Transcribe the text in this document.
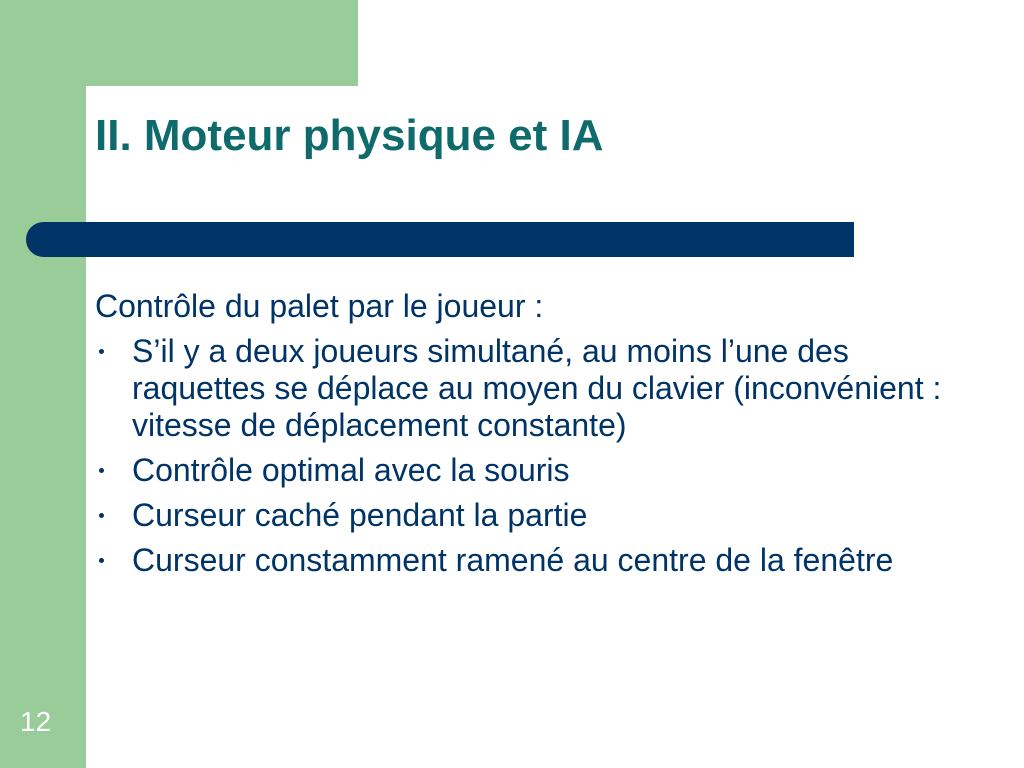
II. Moteur physique et IA

Contrôle du palet par le joueur :

S’il y a deux joueurs simultané, au moins l’une des raquettes se déplace au moyen du clavier (inconvénient : vitesse de déplacement constante)
Contrôle optimal avec la souris
Curseur caché pendant la partie
Curseur constamment ramené au centre de la fenêtre
12
